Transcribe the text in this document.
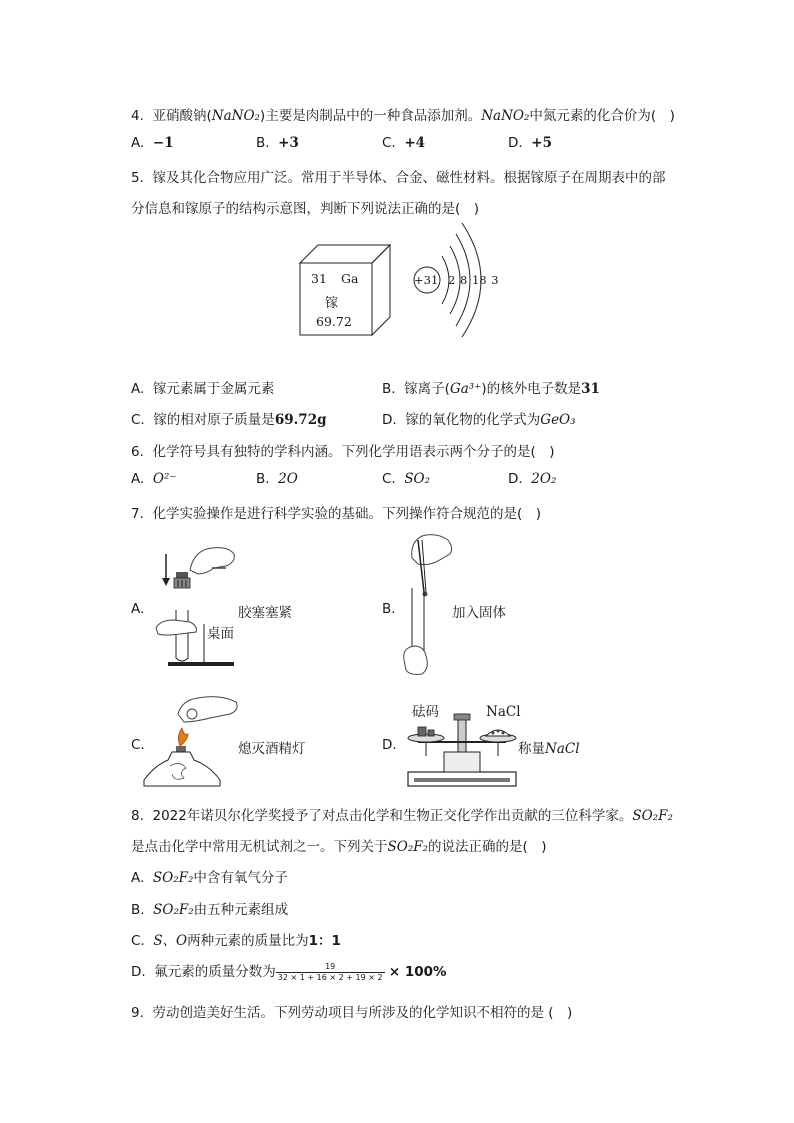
4. 亚硝酸钠(NaNO₂)主要是肉制品中的一种食品添加剂。NaNO₂中氮元素的化合价为(　)
A. −1	B. +3	C. +4	D. +5
5. 镓及其化合物应用广泛。常用于半导体、合金、磁性材料。根据镓原子在周期表中的部
分信息和镓原子的结构示意图，判断下列说法正确的是(　)
31 Ga
镓
69.72
+31 2 8 18 3
A. 镓元素属于金属元素	B. 镓离子(Ga³⁺)的核外电子数是31
C. 镓的相对原子质量是69.72g	D. 镓的氧化物的化学式为GeO₃
6. 化学符号具有独特的学科内涵。下列化学用语表示两个分子的是(　)
A. O²⁻	B. 2O	C. SO₂	D. 2O₂
7. 化学实验操作是进行科学实验的基础。下列操作符合规范的是(　)
A.	胶塞塞紧
桌面
B.	加入固体
C.	熄灭酒精灯
砝码	NaCl
D.	称量NaCl
8. 2022年诺贝尔化学奖授予了对点击化学和生物正交化学作出贡献的三位科学家。SO₂F₂
是点击化学中常用无机试剂之一。下列关于SO₂F₂的说法正确的是(　)
A. SO₂F₂中含有氧气分子
B. SO₂F₂由五种元素组成
C. S、O两种元素的质量比为1：1
D. 氟元素的质量分数为 $\frac{19}{32 \times 1 + 16 \times 2 + 19 \times 2} \times 100\%$
9. 劳动创造美好生活。下列劳动项目与所涉及的化学知识不相符的是 (　)
